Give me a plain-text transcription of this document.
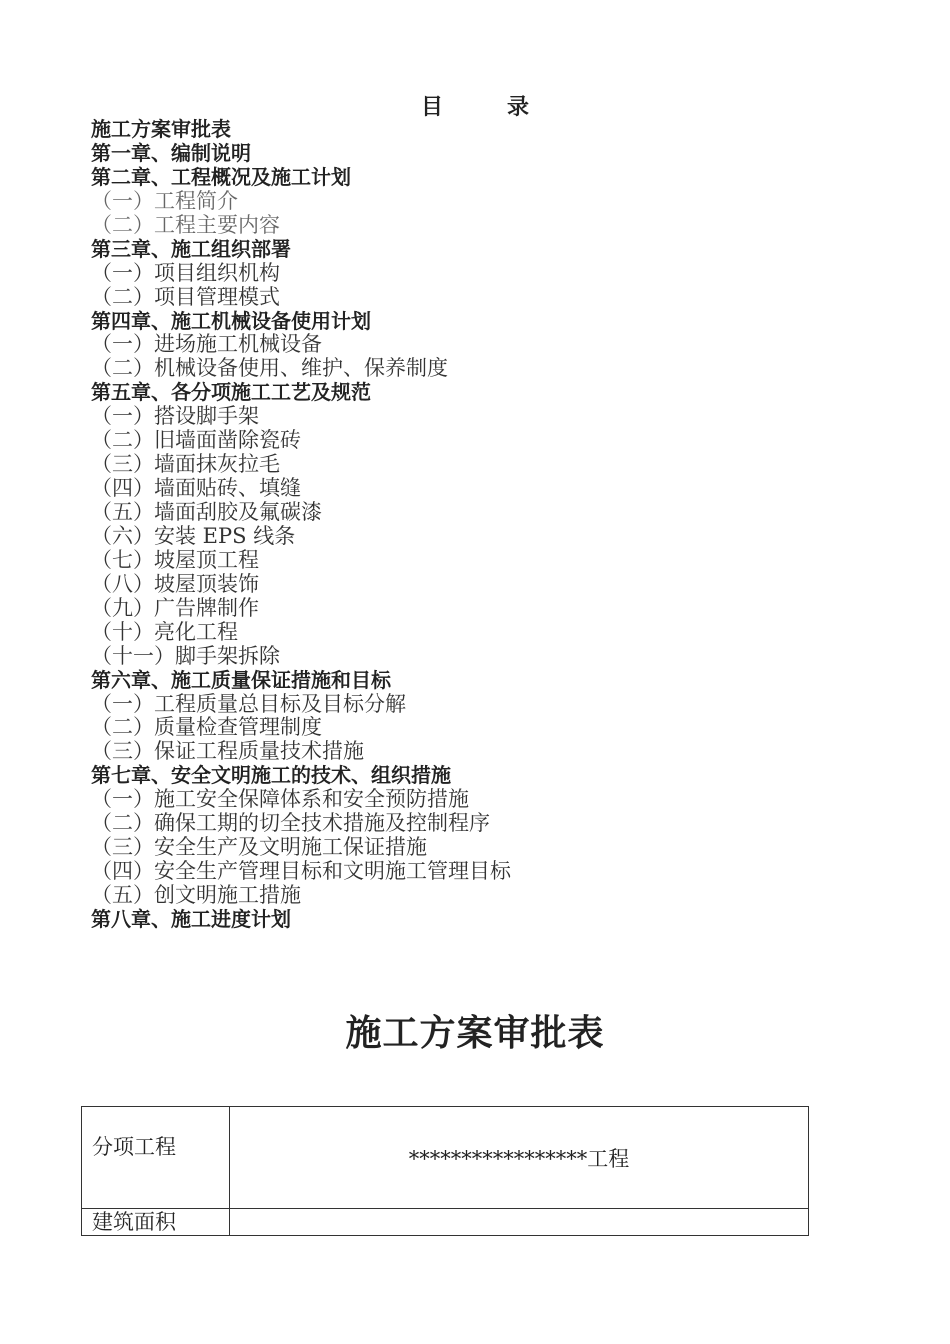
目	录
施工方案审批表
第一章、编制说明
第二章、工程概况及施工计划
（一）工程简介
（二）工程主要内容
第三章、施工组织部署
（一）项目组织机构
（二）项目管理模式
第四章、施工机械设备使用计划
（一）进场施工机械设备
（二）机械设备使用、维护、保养制度
第五章、各分项施工工艺及规范
（一）搭设脚手架
（二）旧墙面凿除瓷砖
（三）墙面抹灰拉毛
（四）墙面贴砖、填缝
（五）墙面刮胶及氟碳漆
（六）安装 EPS 线条
（七）坡屋顶工程
（八）坡屋顶装饰
（九）广告牌制作
（十）亮化工程
（十一）脚手架拆除
第六章、施工质量保证措施和目标
（一）工程质量总目标及目标分解
（二）质量检查管理制度
（三）保证工程质量技术措施
第七章、安全文明施工的技术、组织措施
（一）施工安全保障体系和安全预防措施
（二）确保工期的切全技术措施及控制程序
（三）安全生产及文明施工保证措施
（四）安全生产管理目标和文明施工管理目标
（五）创文明施工措施
第八章、施工进度计划
施工方案审批表
分项工程	*****************工程
建筑面积	
